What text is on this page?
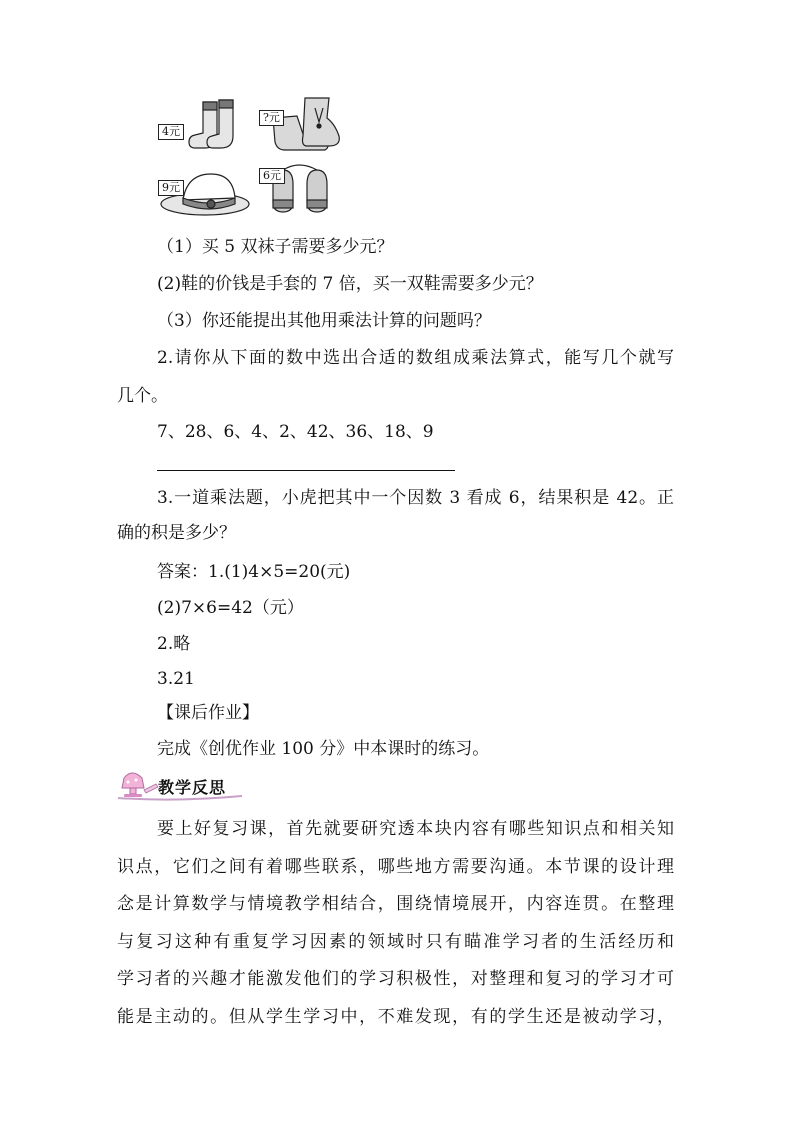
4元
?元
9元
6元
（1）买 5 双袜子需要多少元？
(2)鞋的价钱是手套的 7 倍，买一双鞋需要多少元？
（3）你还能提出其他用乘法计算的问题吗？
2.请你从下面的数中选出合适的数组成乘法算式，能写几个就写
几个。
7、28、6、4、2、42、36、18、9
3.一道乘法题，小虎把其中一个因数 3 看成 6，结果积是 42。正
确的积是多少？
答案：1.(1)4×5=20(元)
(2)7×6=42（元）
2.略
3.21
【课后作业】
完成《创优作业 100 分》中本课时的练习。
教学反思
要上好复习课，首先就要研究透本块内容有哪些知识点和相关知
识点，它们之间有着哪些联系，哪些地方需要沟通。本节课的设计理
念是计算数学与情境教学相结合，围绕情境展开，内容连贯。在整理
与复习这种有重复学习因素的领域时只有瞄准学习者的生活经历和
学习者的兴趣才能激发他们的学习积极性，对整理和复习的学习才可
能是主动的。但从学生学习中，不难发现，有的学生还是被动学习，
